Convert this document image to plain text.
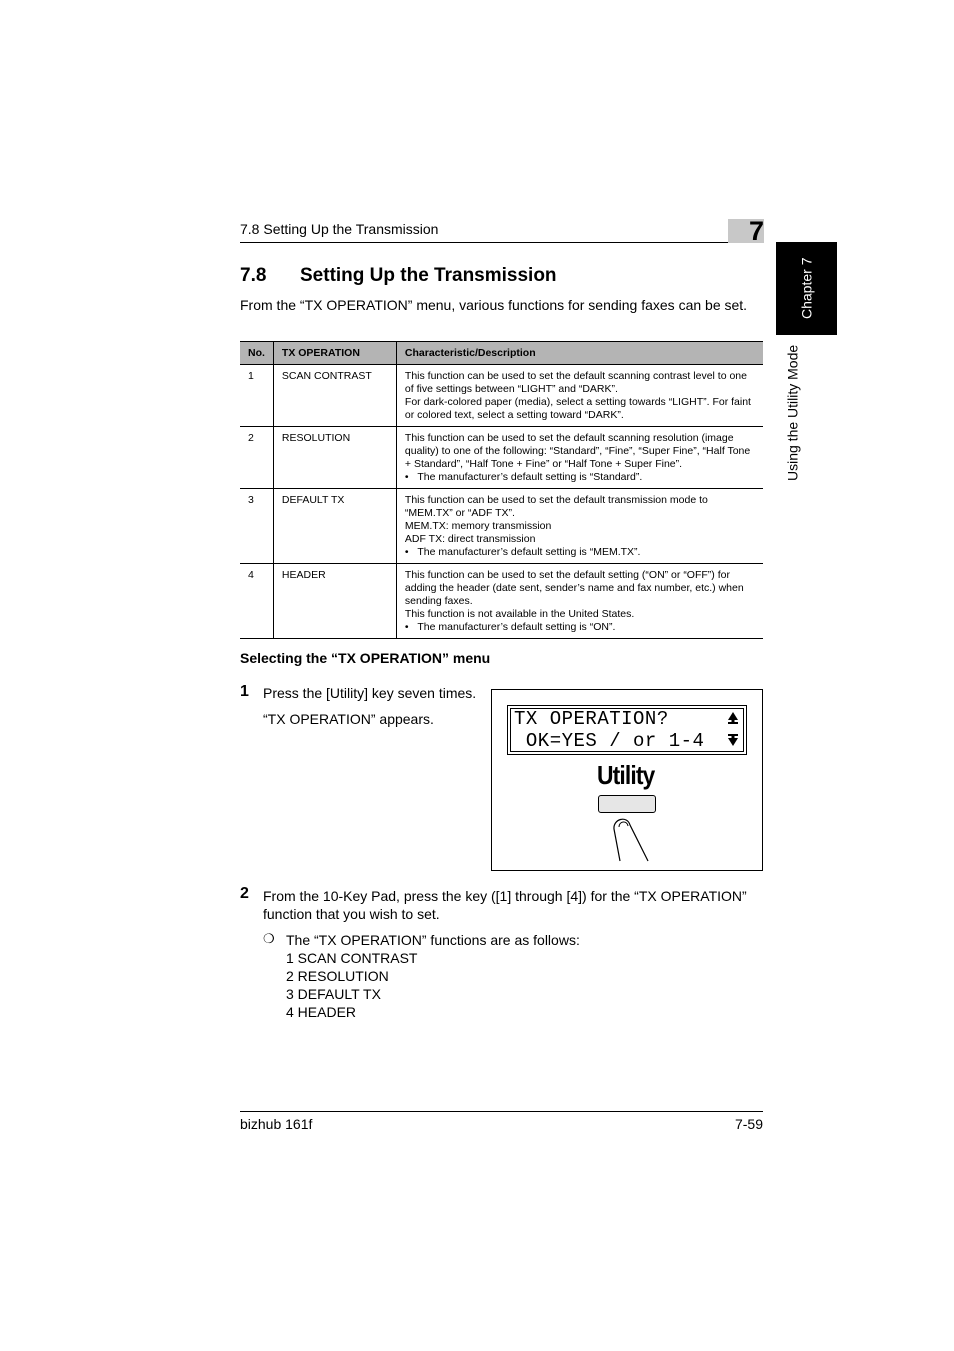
7.8 Setting Up the Transmission	7
Chapter 7
Using the Utility Mode
7.8 Setting Up the Transmission
From the “TX OPERATION” menu, various functions for sending faxes can be set.
No.	TX OPERATION	Characteristic/Description
1	SCAN CONTRAST	This function can be used to set the default scanning contrast level to one of five settings between “LIGHT” and “DARK”.
For dark-colored paper (media), select a setting towards “LIGHT”. For faint or colored text, select a setting toward “DARK”.

2	RESOLUTION	This function can be used to set the default scanning resolution (image quality) to one of the following: “Standard”, “Fine”, “Super Fine”, “Half Tone + Standard”, “Half Tone + Fine” or “Half Tone + Super Fine”.
•   The manufacturer’s default setting is “Standard”.

3	DEFAULT TX	This function can be used to set the default transmission mode to “MEM.TX” or “ADF TX”.
MEM.TX: memory transmission
ADF TX: direct transmission
•   The manufacturer’s default setting is “MEM.TX”.

4	HEADER	This function can be used to set the default setting (“ON” or “OFF”) for adding the header (date sent, sender’s name and fax number, etc.) when sending faxes.
This function is not available in the United States.
•   The manufacturer’s default setting is “ON”.
Selecting the “TX OPERATION” menu
1 Press the [Utility] key seven times.
“TX OPERATION” appears.	TX OPERATION?
OK=YES / or 1-4
Utility
2 From the 10-Key Pad, press the key ([1] through [4]) for the “TX OPERATION” function that you wish to set.
❍ The “TX OPERATION” functions are as follows:
1 SCAN CONTRAST
2 RESOLUTION
3 DEFAULT TX
4 HEADER
bizhub 161f	7-59
